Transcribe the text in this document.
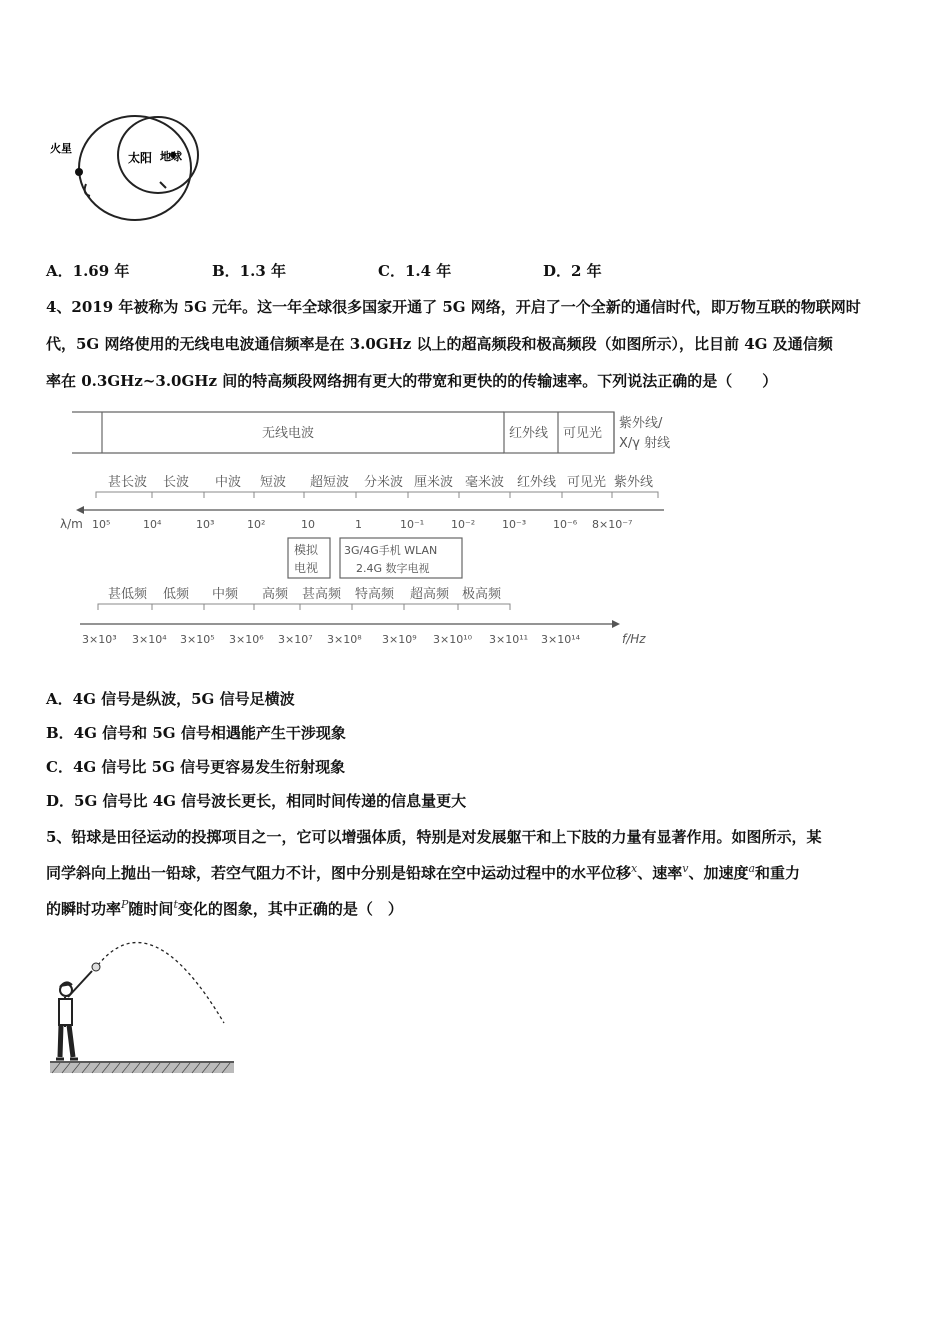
火星
太阳 地球
A．1.69 年	B．1.3 年	C．1.4 年	D．2 年
4、2019 年被称为 5G 元年。这一年全球很多国家开通了 5G 网络，开启了一个全新的通信时代，即万物互联的物联网时
代，5G 网络使用的无线电电波通信频率是在 3.0GHz 以上的超高频段和极高频段（如图所示），比目前 4G 及通信频
率在 0.3GHz~3.0GHz 间的特高频段网络拥有更大的带宽和更快的的传输速率。下列说法正确的是（　　）
无线电波	红外线 可见光
紫外线/
X/γ 射线
甚长波 长波 中波 短波 超短波 分米波 厘米波 毫米波 红外线 可见光 紫外线
λ/m 10⁵	10⁴	10³	10²	10	1	10⁻¹ 10⁻² 10⁻³ 10⁻⁶ 8×10⁻⁷
模拟
电视
3G/4G手机 WLAN
2.4G 数字电视
甚低频 低频 中频 高频 甚高频 特高频 超高频 极高频
3×10³ 3×10⁴ 3×10⁵ 3×10⁶ 3×10⁷ 3×10⁸ 3×10⁹ 3×10¹⁰ 3×10¹¹ 3×10¹⁴	f/Hz
A．4G 信号是纵波，5G 信号足横波
B．4G 信号和 5G 信号相遇能产生干涉现象
C．4G 信号比 5G 信号更容易发生衍射现象
D．5G 信号比 4G 信号波长更长，相同时间传递的信息量更大
5、铅球是田径运动的投掷项目之一，它可以增强体质，特别是对发展躯干和上下肢的力量有显著作用。如图所示，某
同学斜向上抛出一铅球，若空气阻力不计，图中分别是铅球在空中运动过程中的水平位移$^x$、速率$^v$、加速度$^a$和重力
的瞬时功率$^P$随时间$^t$变化的图象，其中正确的是（　）
